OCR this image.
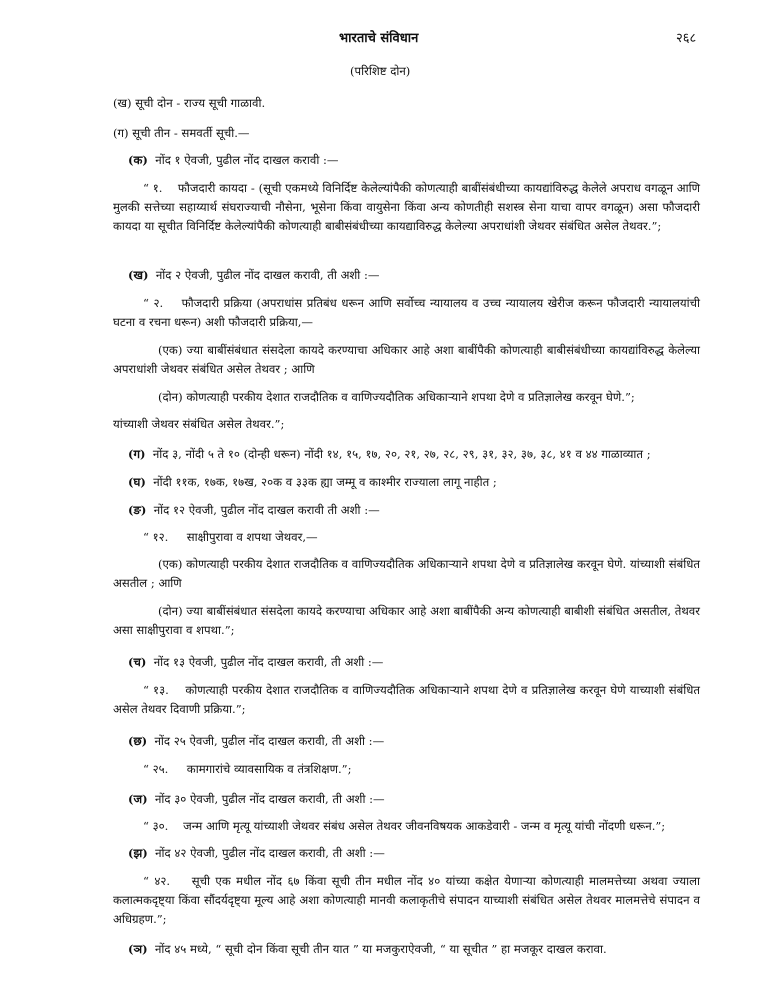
भारताचे संविधान	२६८
(परिशिष्ट दोन)
(ख) सूची दोन - राज्य सूची गाळावी.
(ग) सूची तीन - समवर्ती सूची.—
(क) नोंद १ ऐवजी, पुढील नोंद दाखल करावी :—
“ १. फौजदारी कायदा - (सूची एकमध्ये विनिर्दिष्ट केलेल्यांपैकी कोणत्याही बाबींसंबंधीच्या कायद्यांविरुद्ध केलेले अपराध वगळून आणि मुलकी सत्तेच्या सहाय्यार्थ संघराज्याची नौसेना, भूसेना किंवा वायुसेना किंवा अन्य कोणतीही सशस्त्र सेना याचा वापर वगळून) असा फौजदारी कायदा या सूचीत विनिर्दिष्ट केलेल्यांपैकी कोणत्याही बाबीसंबंधीच्या कायद्याविरुद्ध केलेल्या अपराधांशी जेथवर संबंधित असेल तेथवर.”;
(ख) नोंद २ ऐवजी, पुढील नोंद दाखल करावी, ती अशी :—
“ २. फौजदारी प्रक्रिया (अपराधांस प्रतिबंध धरून आणि सर्वोच्च न्यायालय व उच्च न्यायालय खेरीज करून फौजदारी न्यायालयांची घटना व रचना धरून) अशी फौजदारी प्रक्रिया,—
(एक) ज्या बाबींसंबंधात संसदेला कायदे करण्याचा अधिकार आहे अशा बाबींपैकी कोणत्याही बाबीसंबंधीच्या कायद्यांविरुद्ध केलेल्या अपराधांशी जेथवर संबंधित असेल तेथवर ; आणि
(दोन) कोणत्याही परकीय देशात राजदौतिक व वाणिज्यदौतिक अधिकाऱ्याने शपथा देणे व प्रतिज्ञालेख करवून घेणे.”;
यांच्याशी जेथवर संबंधित असेल तेथवर.”;
(ग) नोंद ३, नोंदी ५ ते १० (दोन्ही धरून) नोंदी १४, १५, १७, २०, २१, २७, २८, २९, ३१, ३२, ३७, ३८, ४१ व ४४ गाळाव्यात ;
(घ) नोंदी ११क, १७क, १७ख, २०क व ३३क ह्या जम्मू व काश्मीर राज्याला लागू नाहीत ;
(ङ) नोंद १२ ऐवजी, पुढील नोंद दाखल करावी ती अशी :—
“ १२. साक्षीपुरावा व शपथा जेथवर,—
(एक) कोणत्याही परकीय देशात राजदौतिक व वाणिज्यदौतिक अधिकाऱ्याने शपथा देणे व प्रतिज्ञालेख करवून घेणे. यांच्याशी संबंधित असतील ; आणि
(दोन) ज्या बाबींसंबंधात संसदेला कायदे करण्याचा अधिकार आहे अशा बाबींपैकी अन्य कोणत्याही बाबीशी संबंधित असतील, तेथवर असा साक्षीपुरावा व शपथा.”;
(च) नोंद १३ ऐवजी, पुढील नोंद दाखल करावी, ती अशी :—
“ १३. कोणत्याही परकीय देशात राजदौतिक व वाणिज्यदौतिक अधिकाऱ्याने शपथा देणे व प्रतिज्ञालेख करवून घेणे याच्याशी संबंधित असेल तेथवर दिवाणी प्रक्रिया.”;
(छ) नोंद २५ ऐवजी, पुढील नोंद दाखल करावी, ती अशी :—
“ २५. कामगारांचे व्यावसायिक व तंत्रशिक्षण.”;
(ज) नोंद ३० ऐवजी, पुढील नोंद दाखल करावी, ती अशी :—
“ ३०. जन्म आणि मृत्यू यांच्याशी जेथवर संबंध असेल तेथवर जीवनविषयक आकडेवारी - जन्म व मृत्यू यांची नोंदणी धरून.”;
(झ) नोंद ४२ ऐवजी, पुढील नोंद दाखल करावी, ती अशी :—
“ ४२. सूची एक मधील नोंद ६७ किंवा सूची तीन मधील नोंद ४० यांच्या कक्षेत येणाऱ्या कोणत्याही मालमत्तेच्या अथवा ज्याला कलात्मकदृष्ट्या किंवा सौंदर्यदृष्ट्या मूल्य आहे अशा कोणत्याही मानवी कलाकृतीचे संपादन याच्याशी संबंधित असेल तेथवर मालमत्तेचे संपादन व अधिग्रहण.”;
(ञ) नोंद ४५ मध्ये, “ सूची दोन किंवा सूची तीन यात ” या मजकुराऐवजी, “ या सूचीत ” हा मजकूर दाखल करावा.
